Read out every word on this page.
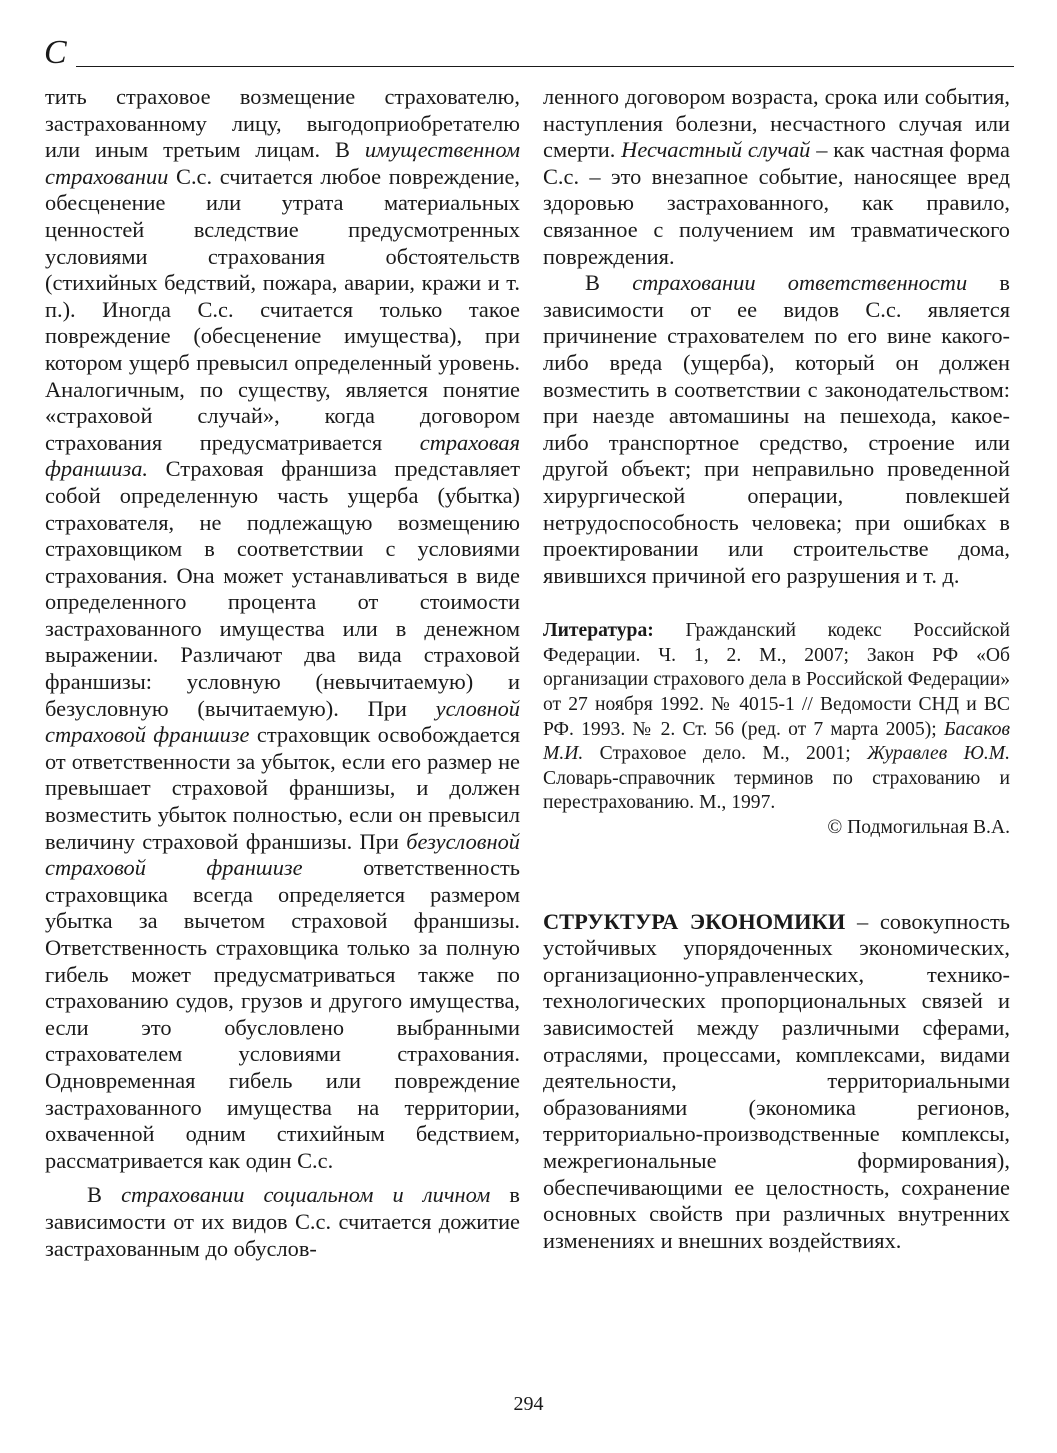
С

тить страховое возмещение страхователю, застрахованному лицу, выгодоприобретателю или иным третьим лицам. В имущественном страховании С.с. считается любое повреждение, обесценение или утрата материальных ценностей вследствие предусмотренных условиями страхования обстоятельств (стихийных бедствий, пожара, аварии, кражи и т. п.). Иногда С.с. считается только такое повреждение (обесценение имущества), при котором ущерб превысил определенный уровень. Аналогичным, по существу, является понятие «страховой случай», когда договором страхования предусматривается страховая франшиза. Страховая франшиза представляет собой определенную часть ущерба (убытка) страхователя, не подлежащую возмещению страховщиком в соответствии с условиями страхования. Она может устанавливаться в виде определенного процента от стоимости застрахованного имущества или в денежном выражении. Различают два вида страховой франшизы: условную (невычитаемую) и безусловную (вычитаемую). При условной страховой франшизе страховщик освобождается от ответственности за убыток, если его размер не превышает страховой франшизы, и должен возместить убыток полностью, если он превысил величину страховой франшизы. При безусловной страховой франшизе ответственность страховщика всегда определяется размером убытка за вычетом страховой франшизы. Ответственность страховщика только за полную гибель может предусматриваться также по страхованию судов, грузов и другого имущества, если это обусловлено выбранными страхователем условиями страхования. Одновременная гибель или повреждение застрахованного имущества на территории, охваченной одним стихийным бедствием, рассматривается как один С.с.

В страховании социальном и личном в зависимости от их видов С.с. считается дожитие застрахованным до обуслов-

ленного договором возраста, срока или события, наступления болезни, несчастного случая или смерти. Несчастный случай – как частная форма С.с. – это внезапное событие, наносящее вред здоровью застрахованного, как правило, связанное с получением им травматического повреждения.

В страховании ответственности в зависимости от ее видов С.с. является причинение страхователем по его вине какого-либо вреда (ущерба), который он должен возместить в соответствии с законодательством: при наезде автомашины на пешехода, какое-либо транспортное средство, строение или другой объект; при неправильно проведенной хирургической операции, повлекшей нетрудоспособность человека; при ошибках в проектировании или строительстве дома, явившихся причиной его разрушения и т. д.

Литература: Гражданский кодекс Российской Федерации. Ч. 1, 2. М., 2007; Закон РФ «Об организации страхового дела в Российской Федерации» от 27 ноября 1992. № 4015-1 // Ведомости СНД и ВС РФ. 1993. № 2. Ст. 56 (ред. от 7 марта 2005); Басаков М.И. Страховое дело. М., 2001; Журавлев Ю.М. Словарь-справочник терминов по страхованию и перестрахованию. М., 1997.

© Подмогильная В.А.

СТРУКТУРА ЭКОНОМИКИ – совокупность устойчивых упорядоченных экономических, организационно-управленческих, технико-технологических пропорциональных связей и зависимостей между различными сферами, отраслями, процессами, комплексами, видами деятельности, территориальными образованиями (экономика регионов, территориально-производственные комплексы, межрегиональные формирования), обеспечивающими ее целостность, сохранение основных свойств при различных внутренних изменениях и внешних воздействиях.

294
